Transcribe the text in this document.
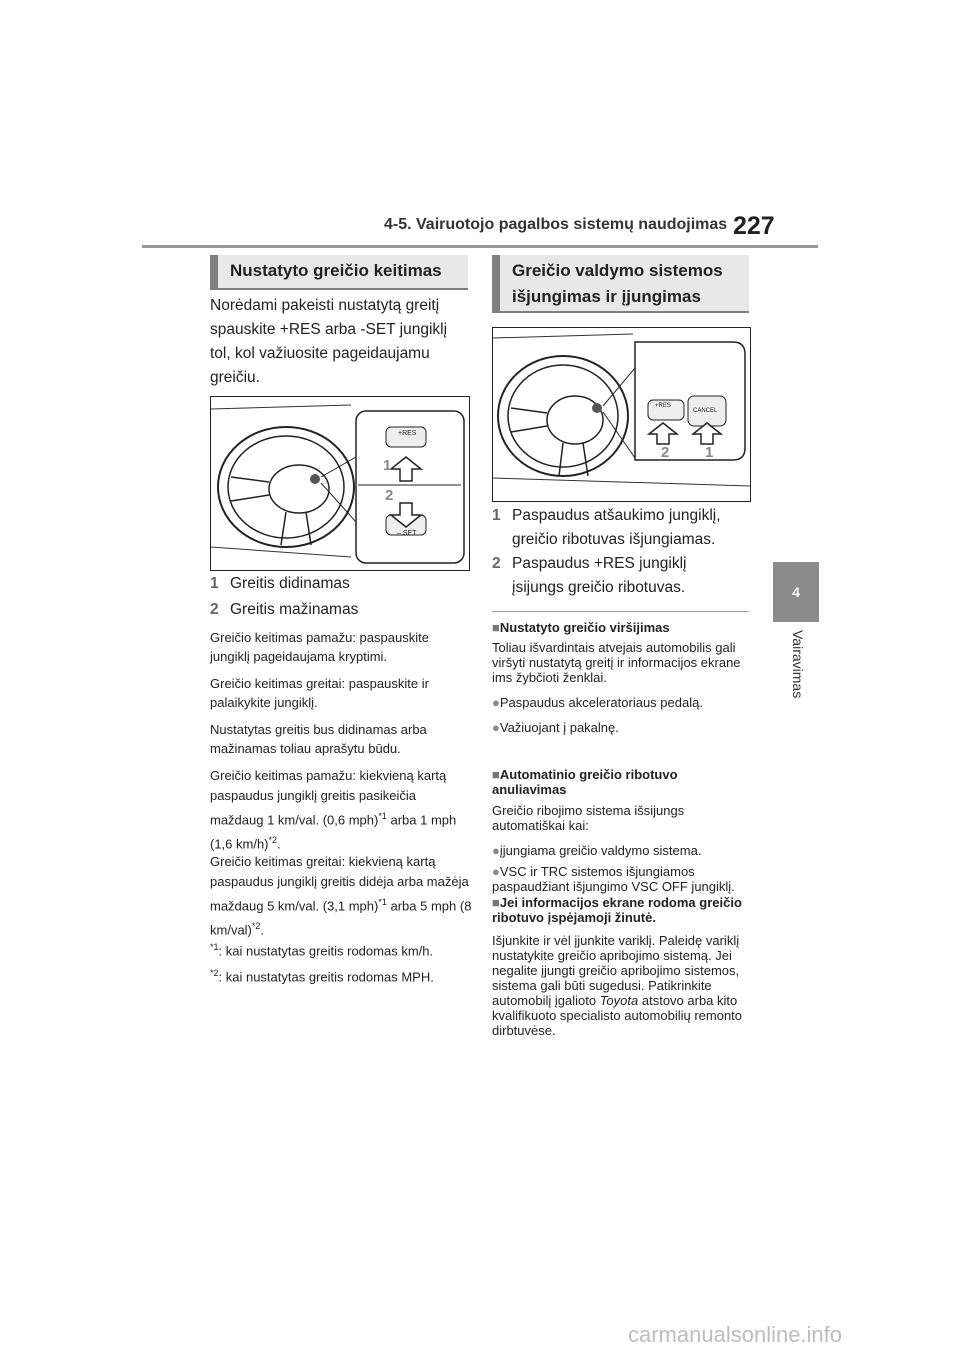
4-5. Vairuotojo pagalbos sistemų naudojimas 227
4
Vairavimas
Nustatyto greičio keitimas
Norėdami pakeisti nustatytą greitį spauskite +RES arba -SET jungiklį tol, kol važiuosite pageidaujamu greičiu.
+RES
– SET
1
2
1 Greitis didinamas
2 Greitis mažinamas
Greičio keitimas pamažu: paspauskite jungiklį pageidaujama kryptimi.
Greičio keitimas greitai: paspauskite ir palaikykite jungiklį.
Nustatytas greitis bus didinamas arba mažinamas toliau aprašytu būdu.
Greičio keitimas pamažu: kiekvieną kartą paspaudus jungiklį greitis pasikeičia maždaug 1 km/val. (0,6 mph)$^{*1}$ arba 1 mph (1,6 km/h)$^{*2}$.
Greičio keitimas greitai: kiekvieną kartą paspaudus jungiklį greitis didėja arba mažėja maždaug 5 km/val. (3,1 mph)$^{*1}$ arba 5 mph (8 km/val)$^{*2}$.
$^{*1}$: kai nustatytas greitis rodomas km/h.
$^{*2}$: kai nustatytas greitis rodomas MPH.
Greičio valdymo sistemos
išjungimas ir įjungimas
+RES
CANCEL
2 1
1 Paspaudus atšaukimo jungiklį,
greičio ribotuvas išjungiamas.
2 Paspaudus +RES jungiklį
įsijungs greičio ribotuvas.
■Nustatyto greičio viršijimas
Toliau išvardintais atvejais automobilis gali viršyti nustatytą greitį ir informacijos ekrane ims žybčioti ženklai.
●Paspaudus akceleratoriaus pedalą.
●Važiuojant į pakalnę.
■Automatinio greičio ribotuvo anuliavimas
Greičio ribojimo sistema išsijungs automatiškai kai:
●įjungiama greičio valdymo sistema.
●VSC ir TRC sistemos išjungiamos paspaudžiant išjungimo VSC OFF jungiklį.
■Jei informacijos ekrane rodoma greičio ribotuvo įspėjamoji žinutė.
Išjunkite ir vėl įjunkite variklį. Paleidę variklį nustatykite greičio apribojimo sistemą. Jei negalite įjungti greičio apribojimo sistemos, sistema gali būti sugedusi. Patikrinkite automobilį įgalioto Toyota atstovo arba kito kvalifikuoto specialisto automobilių remonto dirbtuvėse.
carmanualsonline.info
